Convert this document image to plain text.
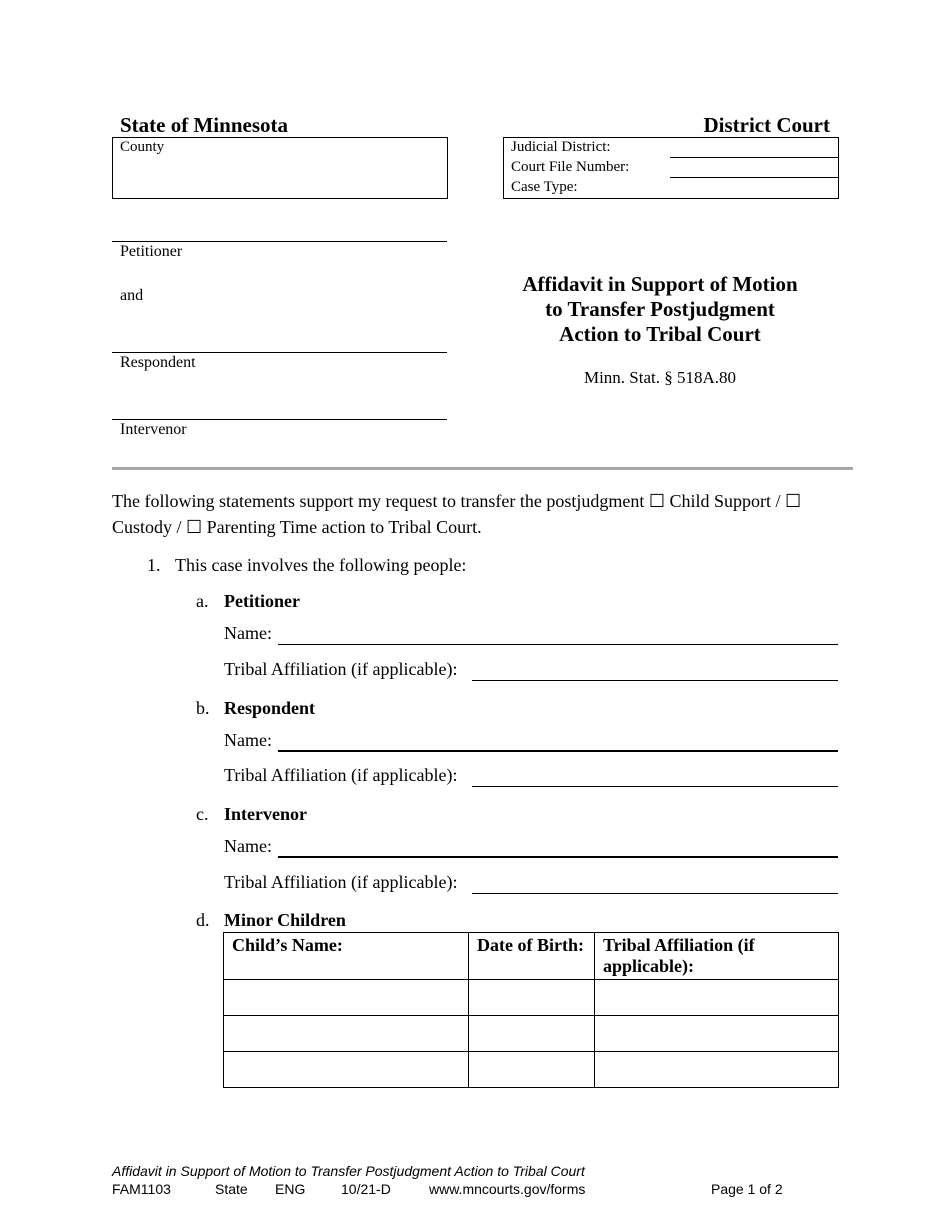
State of Minnesota	District Court
County	Judicial District:
Court File Number:
Case Type:
Petitioner
and
Respondent
Intervenor
Affidavit in Support of Motion
to Transfer Postjudgment
Action to Tribal Court
Minn. Stat. § 518A.80
The following statements support my request to transfer the postjudgment ☐ Child Support / ☐
Custody / ☐ Parenting Time action to Tribal Court.
1. This case involves the following people:
a. Petitioner
Name:
Tribal Affiliation (if applicable):
b. Respondent
Name:
Tribal Affiliation (if applicable):
c. Intervenor
Name:
Tribal Affiliation (if applicable):
d. Minor Children
Child’s Name:	Date of Birth:	Tribal Affiliation (if applicable):

Affidavit in Support of Motion to Transfer Postjudgment Action to Tribal Court
FAM1103	State ENG	10/21-D	www.mncourts.gov/forms	Page 1 of 2
